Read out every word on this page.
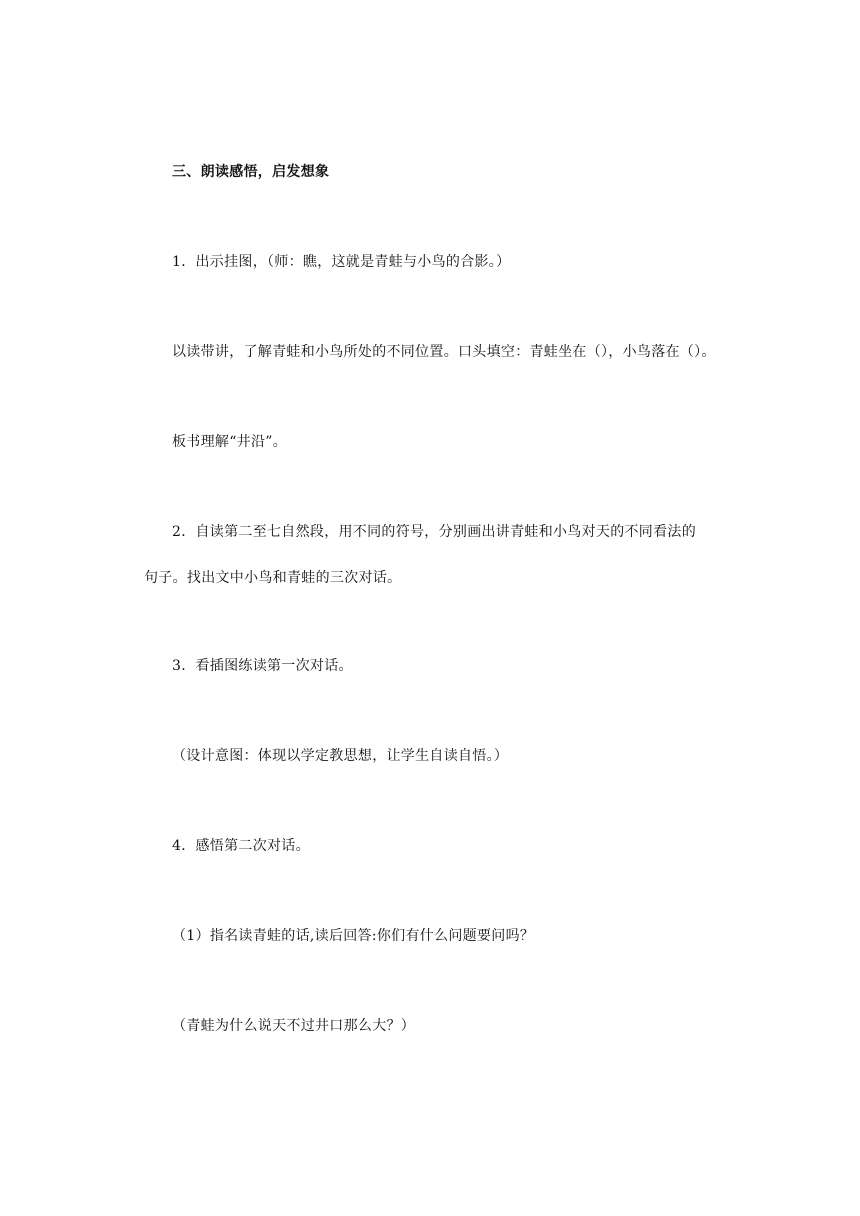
三、朗读感悟，启发想象
1．出示挂图，（师：瞧，这就是青蛙与小鸟的合影。）
以读带讲，了解青蛙和小鸟所处的不同位置。口头填空：青蛙坐在（），小鸟落在（）。
板书理解“井沿”。
2．自读第二至七自然段，用不同的符号，分别画出讲青蛙和小鸟对天的不同看法的
句子。找出文中小鸟和青蛙的三次对话。
3．看插图练读第一次对话。
（设计意图：体现以学定教思想，让学生自读自悟。）
4．感悟第二次对话。
（1）指名读青蛙的话,读后回答:你们有什么问题要问吗？
（青蛙为什么说天不过井口那么大？）
